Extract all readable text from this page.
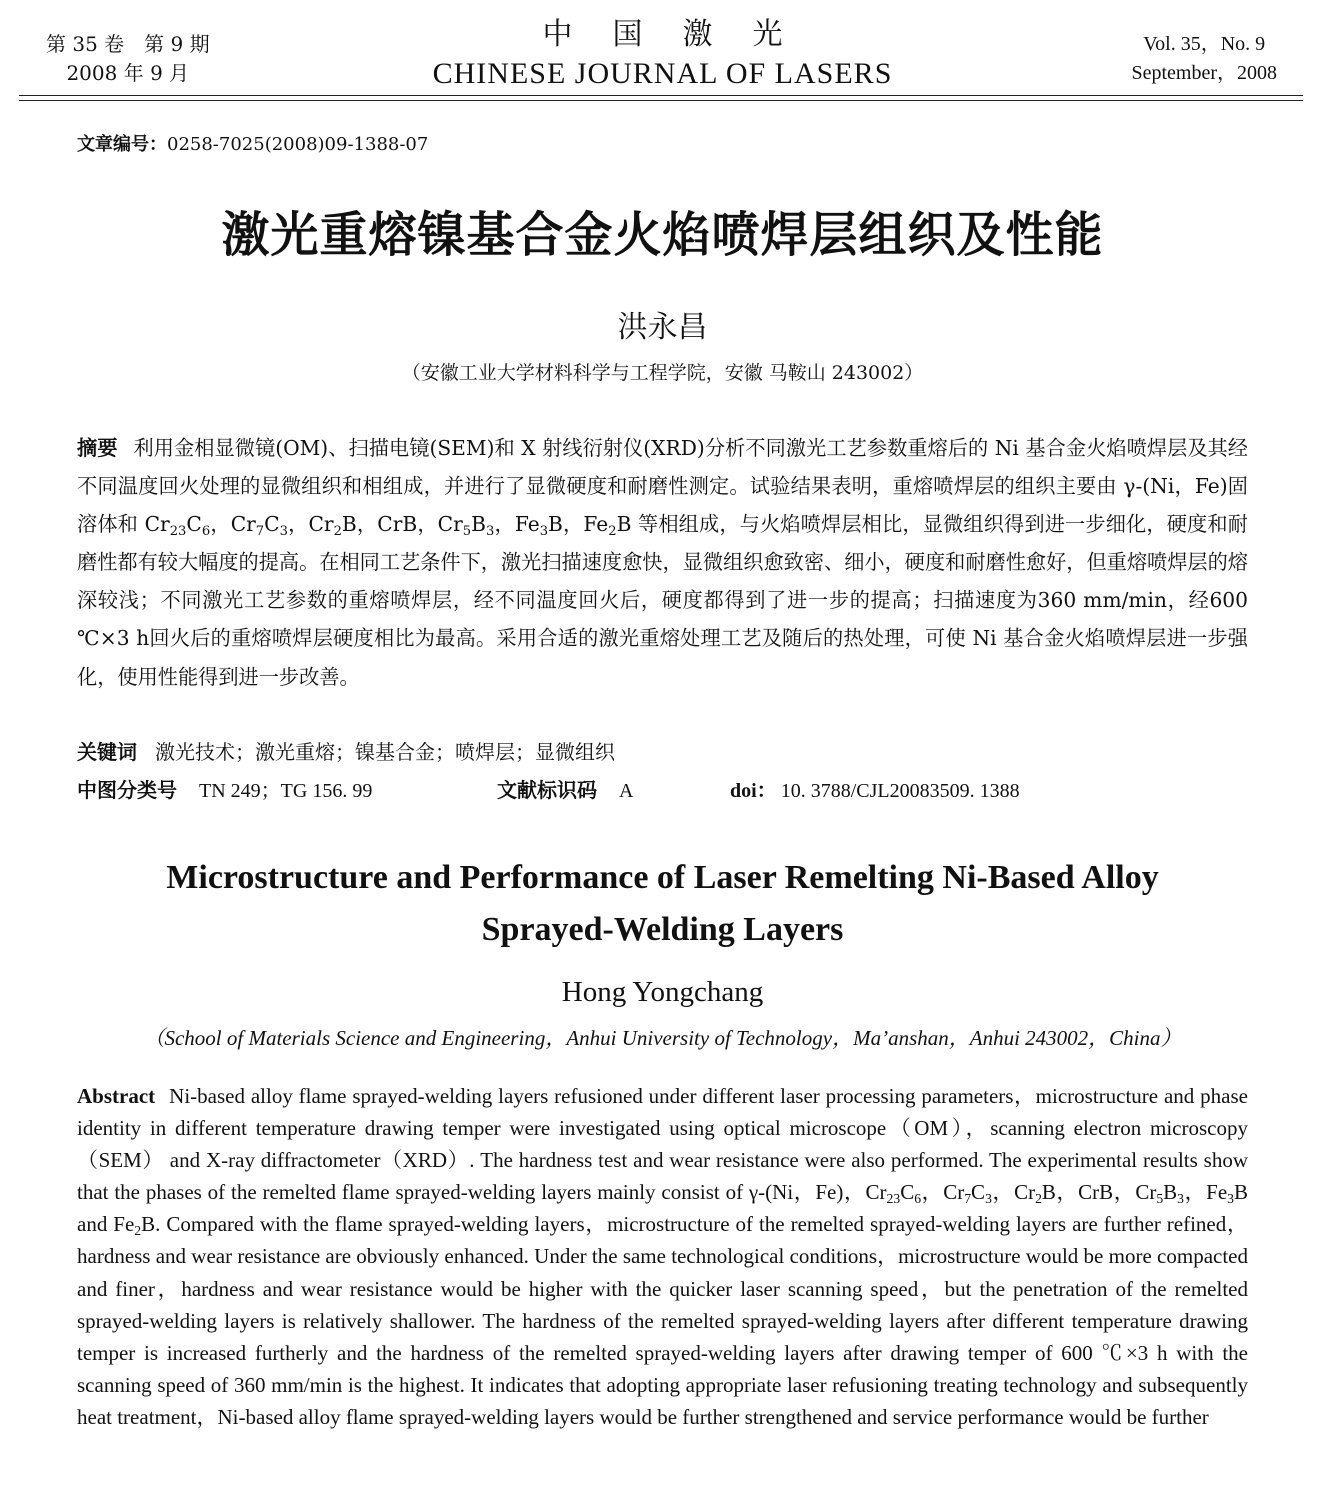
第 35 卷　第 9 期
2008 年 9 月
中国激光
CHINESE JOURNAL OF LASERS
Vol. 35，No. 9
September，2008
文章编号：0258-7025(2008)09-1388-07
激光重熔镍基合金火焰喷焊层组织及性能
洪永昌
（安徽工业大学材料科学与工程学院，安徽 马鞍山 243002）
摘要 利用金相显微镜(OM)、扫描电镜(SEM)和 X 射线衍射仪(XRD)分析不同激光工艺参数重熔后的 Ni 基合金火焰喷焊层及其经不同温度回火处理的显微组织和相组成，并进行了显微硬度和耐磨性测定。试验结果表明，重熔喷焊层的组织主要由 γ-(Ni，Fe)固溶体和 $Cr_{23}C_6$，$Cr_7C_3$，$Cr_2B$，CrB，$Cr_5B_3$，$Fe_3B$，$Fe_2B$ 等相组成，与火焰喷焊层相比，显微组织得到进一步细化，硬度和耐磨性都有较大幅度的提高。在相同工艺条件下，激光扫描速度愈快，显微组织愈致密、细小，硬度和耐磨性愈好，但重熔喷焊层的熔深较浅；不同激光工艺参数的重熔喷焊层，经不同温度回火后，硬度都得到了进一步的提高；扫描速度为360 mm/min，经600 ℃×3 h回火后的重熔喷焊层硬度相比为最高。采用合适的激光重熔处理工艺及随后的热处理，可使 Ni 基合金火焰喷焊层进一步强化，使用性能得到进一步改善。
关键词 激光技术；激光重熔；镍基合金；喷焊层；显微组织
中图分类号 TN 249；TG 156. 99	文献标识码 A	doi： 10. 3788/CJL20083509. 1388
Microstructure and Performance of Laser Remelting Ni-Based Alloy
Sprayed-Welding Layers
Hong Yongchang
（School of Materials Science and Engineering，Anhui University of Technology，Ma’anshan，Anhui 243002，China）
Abstract Ni-based alloy flame sprayed-welding layers refusioned under different laser processing parameters，microstructure and phase identity in different temperature drawing temper were investigated using optical microscope（OM），scanning electron microscopy（SEM） and X-ray diffractometer（XRD）. The hardness test and wear resistance were also performed. The experimental results show that the phases of the remelted flame sprayed-welding layers mainly consist of γ-(Ni，Fe)，$Cr_{23}C_6$，$Cr_7C_3$，$Cr_2B$，CrB，$Cr_5B_3$，$Fe_3B$ and $Fe_2B$. Compared with the flame sprayed-welding layers，microstructure of the remelted sprayed-welding layers are further refined，hardness and wear resistance are obviously enhanced. Under the same technological conditions，microstructure would be more compacted and finer，hardness and wear resistance would be higher with the quicker laser scanning speed，but the penetration of the remelted sprayed-welding layers is relatively shallower. The hardness of the remelted sprayed-welding layers after different temperature drawing temper is increased furtherly and the hardness of the remelted sprayed-welding layers after drawing temper of 600 ℃×3 h with the scanning speed of 360 mm/min is the highest. It indicates that adopting appropriate laser refusioning treating technology and subsequently heat treatment，Ni-based alloy flame sprayed-welding layers would be further strengthened and service performance would be further
